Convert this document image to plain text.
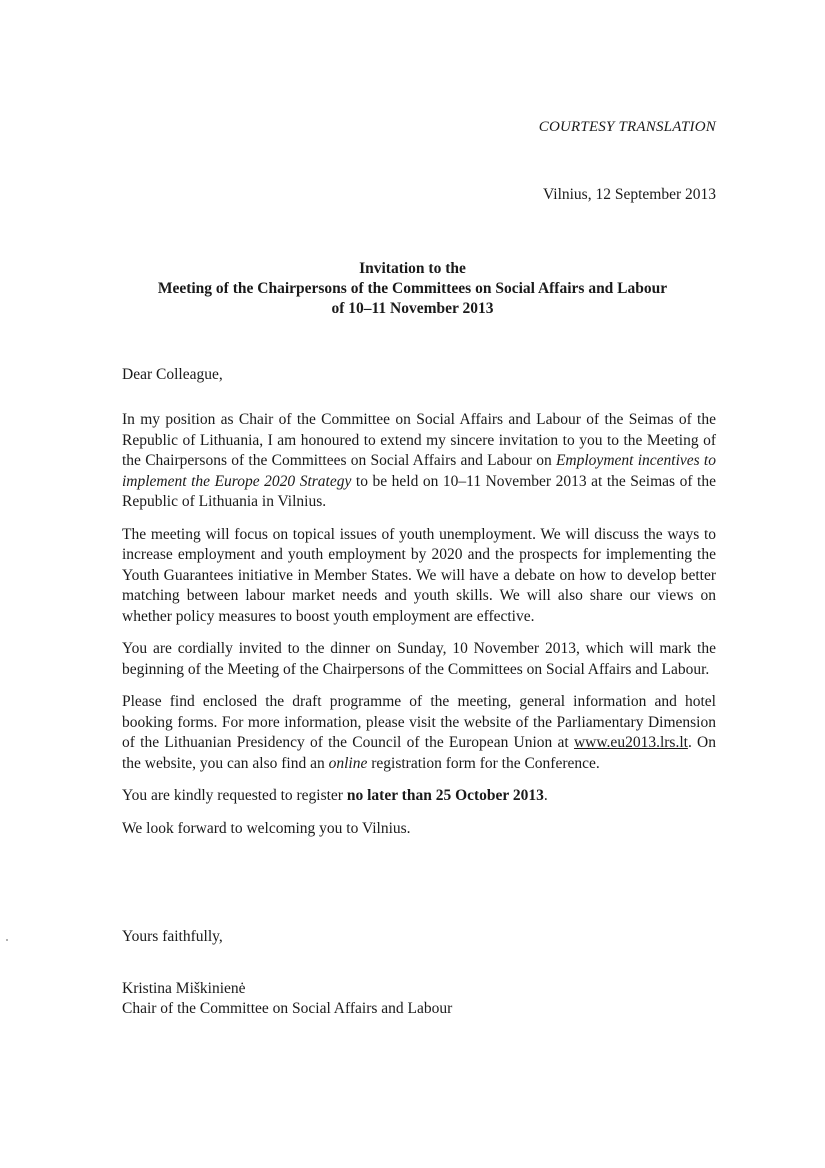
COURTESY TRANSLATION
Vilnius, 12 September 2013
Invitation to the
Meeting of the Chairpersons of the Committees on Social Affairs and Labour
of 10–11 November 2013
Dear Colleague,

In my position as Chair of the Committee on Social Affairs and Labour of the Seimas of the Republic of Lithuania, I am honoured to extend my sincere invitation to you to the Meeting of the Chairpersons of the Committees on Social Affairs and Labour on Employment incentives to implement the Europe 2020 Strategy to be held on 10–11 November 2013 at the Seimas of the Republic of Lithuania in Vilnius.

The meeting will focus on topical issues of youth unemployment. We will discuss the ways to increase employment and youth employment by 2020 and the prospects for implementing the Youth Guarantees initiative in Member States. We will have a debate on how to develop better matching between labour market needs and youth skills. We will also share our views on whether policy measures to boost youth employment are effective.

You are cordially invited to the dinner on Sunday, 10 November 2013, which will mark the beginning of the Meeting of the Chairpersons of the Committees on Social Affairs and Labour.

Please find enclosed the draft programme of the meeting, general information and hotel booking forms. For more information, please visit the website of the Parliamentary Dimension of the Lithuanian Presidency of the Council of the European Union at www.eu2013.lrs.lt. On the website, you can also find an online registration form for the Conference.

You are kindly requested to register no later than 25 October 2013.

We look forward to welcoming you to Vilnius.

Yours faithfully,
Kristina Miškinienė
Chair of the Committee on Social Affairs and Labour
